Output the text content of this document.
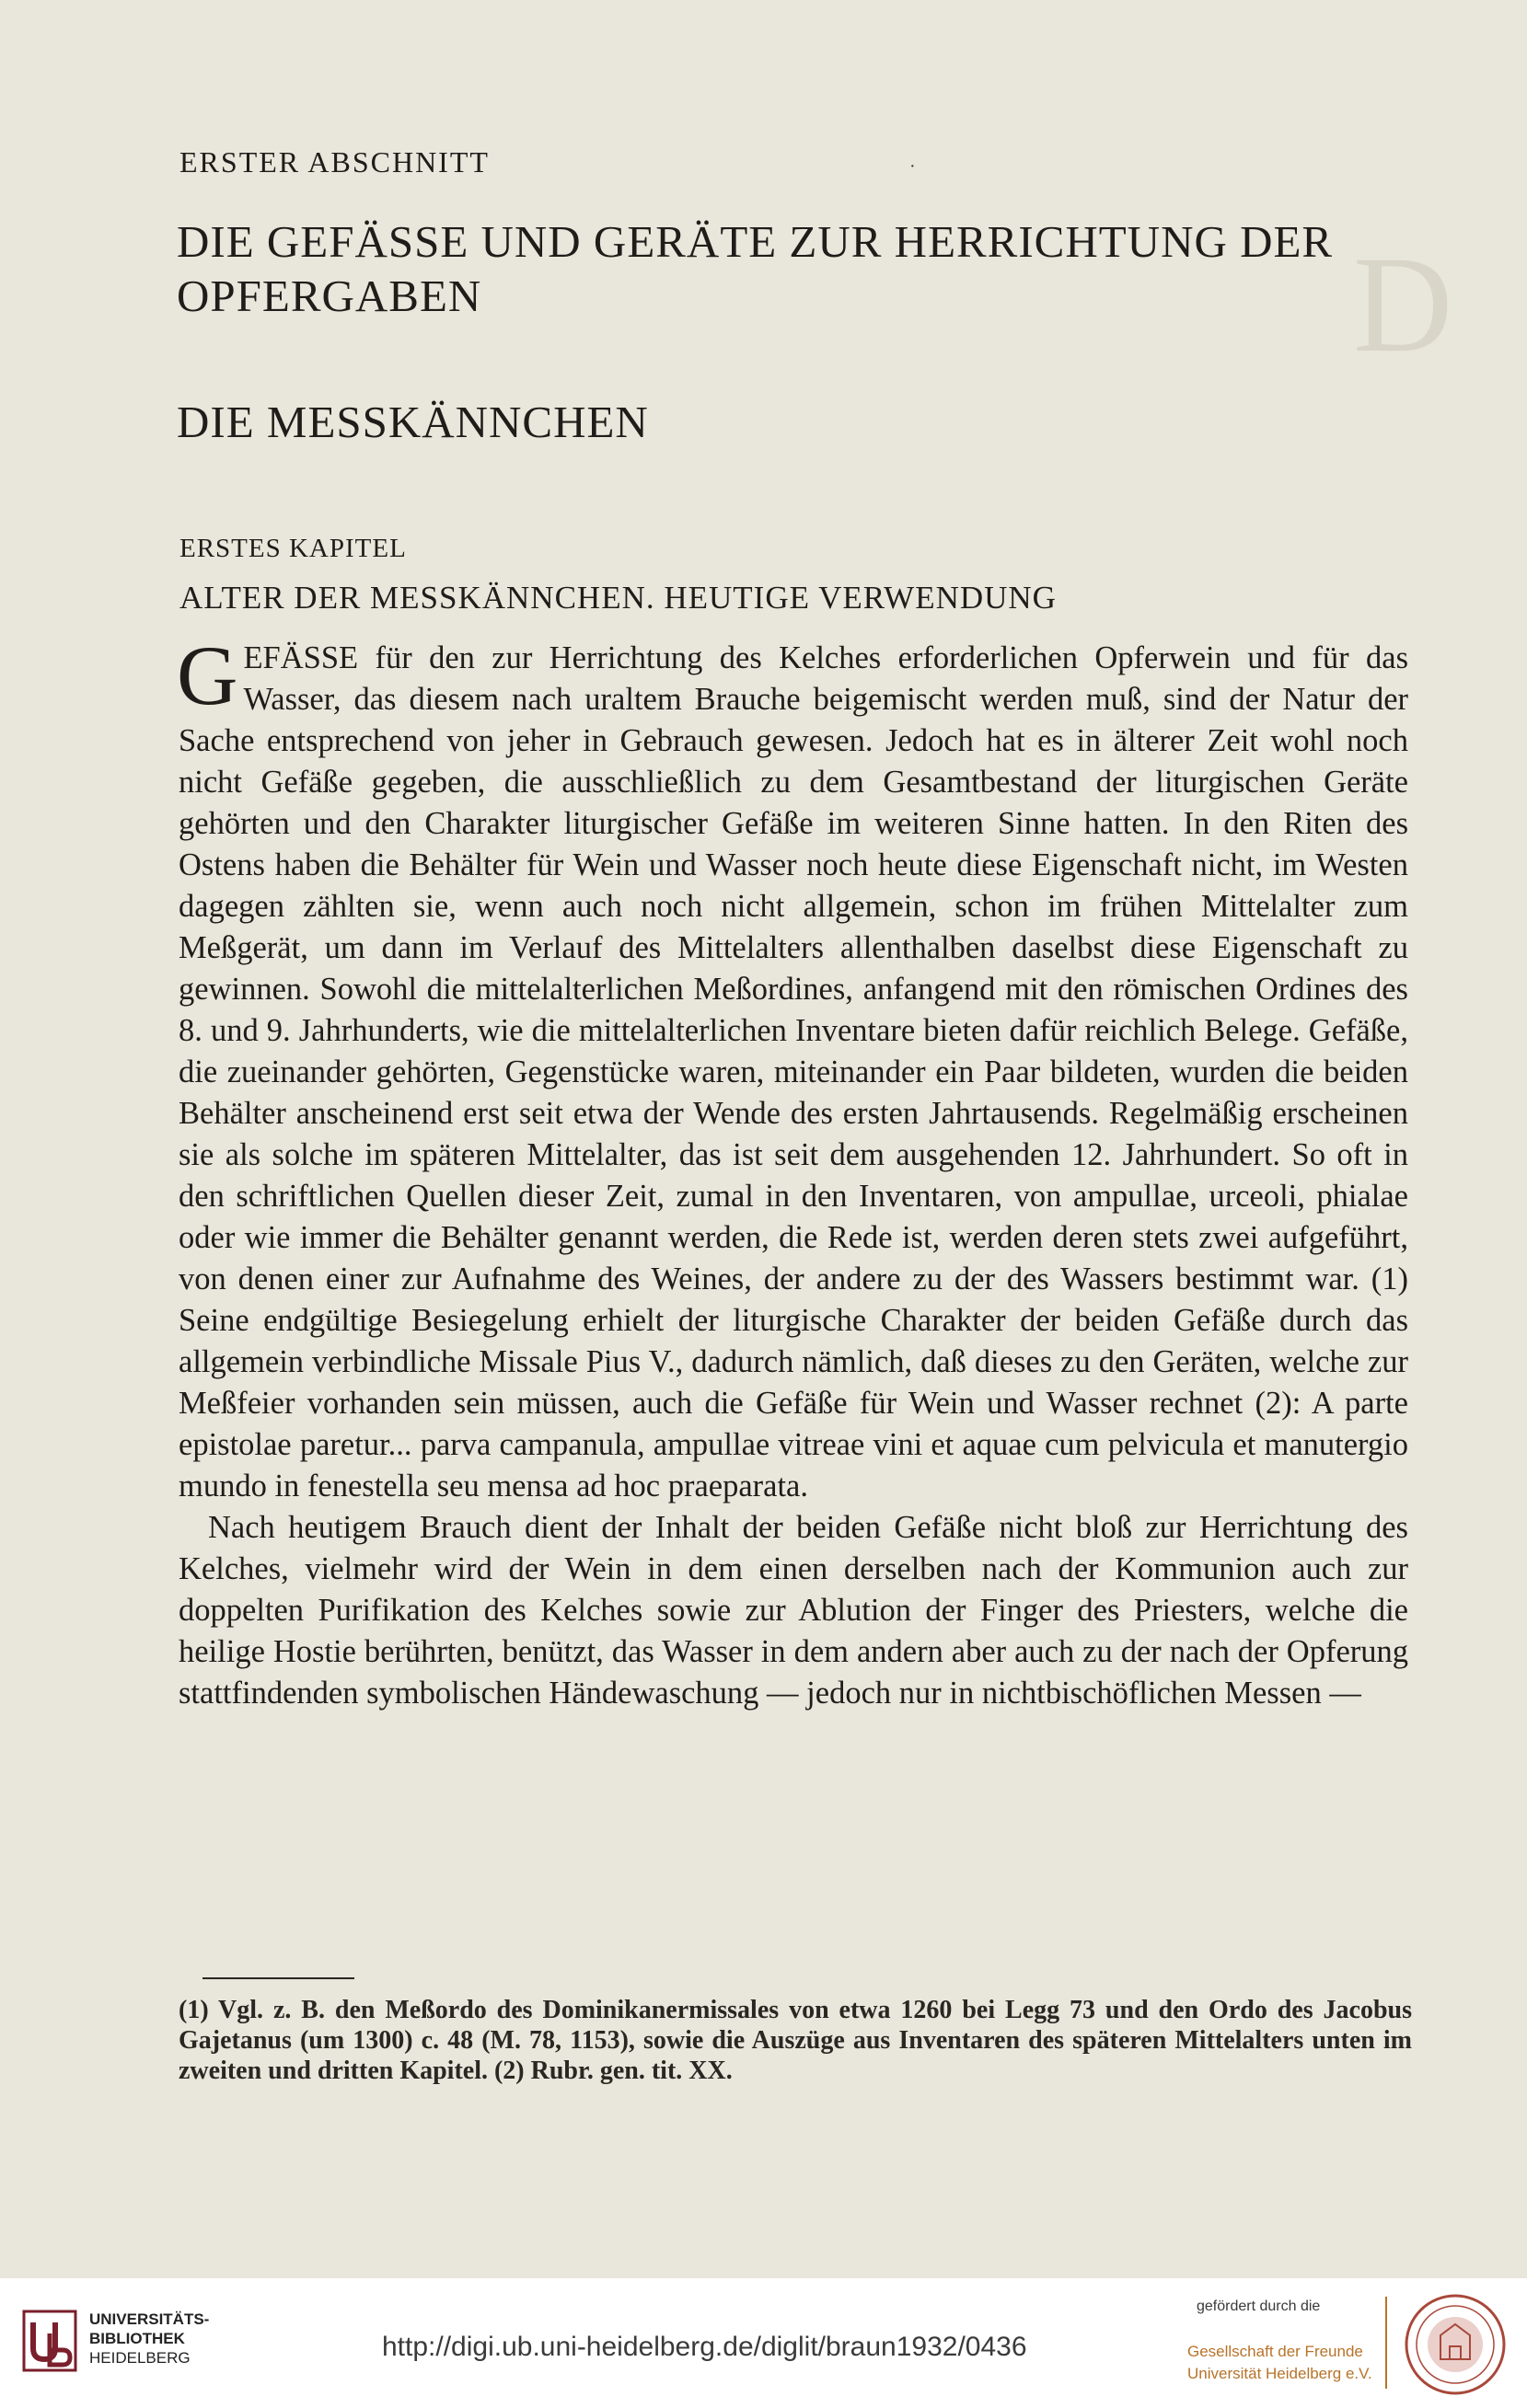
D
ERSTER ABSCHNITT	·
DIE GEFÄSSE UND GERÄTE ZUR HERRICHTUNG DER OPFERGABEN
DIE MESSKÄNNCHEN
ERSTES KAPITEL
ALTER DER MESSKÄNNCHEN. HEUTIGE VERWENDUNG

GEFÄSSE für den zur Herrichtung des Kelches erforderlichen Opferwein und für das Wasser, das diesem nach uraltem Brauche beigemischt werden muß, sind der Natur der Sache entsprechend von jeher in Gebrauch gewesen. Jedoch hat es in älterer Zeit wohl noch nicht Gefäße gegeben, die ausschließlich zu dem Gesamtbestand der liturgischen Geräte gehörten und den Charakter liturgischer Gefäße im weiteren Sinne hatten. In den Riten des Ostens haben die Behälter für Wein und Wasser noch heute diese Eigenschaft nicht, im Westen dagegen zählten sie, wenn auch noch nicht allgemein, schon im frühen Mittelalter zum Meßgerät, um dann im Verlauf des Mittelalters allenthalben daselbst diese Eigenschaft zu gewinnen. Sowohl die mittelalterlichen Meßordines, anfangend mit den römischen Ordines des 8. und 9. Jahrhunderts, wie die mittelalterlichen Inventare bieten dafür reichlich Belege. Gefäße, die zueinander gehörten, Gegenstücke waren, miteinander ein Paar bildeten, wurden die beiden Behälter anscheinend erst seit etwa der Wende des ersten Jahrtausends. Regelmäßig erscheinen sie als solche im späteren Mittelalter, das ist seit dem ausgehenden 12. Jahrhundert. So oft in den schriftlichen Quellen dieser Zeit, zumal in den Inventaren, von ampullae, urceoli, phialae oder wie immer die Behälter genannt werden, die Rede ist, werden deren stets zwei aufgeführt, von denen einer zur Aufnahme des Weines, der andere zu der des Wassers bestimmt war. (1) Seine endgültige Besiegelung erhielt der liturgische Charakter der beiden Gefäße durch das allgemein verbindliche Missale Pius V., dadurch nämlich, daß dieses zu den Geräten, welche zur Meßfeier vorhanden sein müssen, auch die Gefäße für Wein und Wasser rechnet (2): A parte epistolae paretur... parva campanula, ampullae vitreae vini et aquae cum pelvicula et manutergio mundo in fenestella seu mensa ad hoc praeparata.

Nach heutigem Brauch dient der Inhalt der beiden Gefäße nicht bloß zur Herrichtung des Kelches, vielmehr wird der Wein in dem einen derselben nach der Kommunion auch zur doppelten Purifikation des Kelches sowie zur Ablution der Finger des Priesters, welche die heilige Hostie berührten, benützt, das Wasser in dem andern aber auch zu der nach der Opferung stattfindenden symbolischen Händewaschung — jedoch nur in nichtbischöflichen Messen —

(1) Vgl. z. B. den Meßordo des Dominikanermissales von etwa 1260 bei Legg 73 und den Ordo des Jacobus Gajetanus (um 1300) c. 48 (M. 78, 1153), sowie die Auszüge aus Inventaren des späteren Mittelalters unten im zweiten und dritten Kapitel. (2) Rubr. gen. tit. XX.
UNIVERSITÄTS-
BIBLIOTHEK
HEIDELBERG	http://digi.ub.uni-heidelberg.de/diglit/braun1932/0436
gefördert durch die
Gesellschaft der Freunde
Universität Heidelberg e.V.
